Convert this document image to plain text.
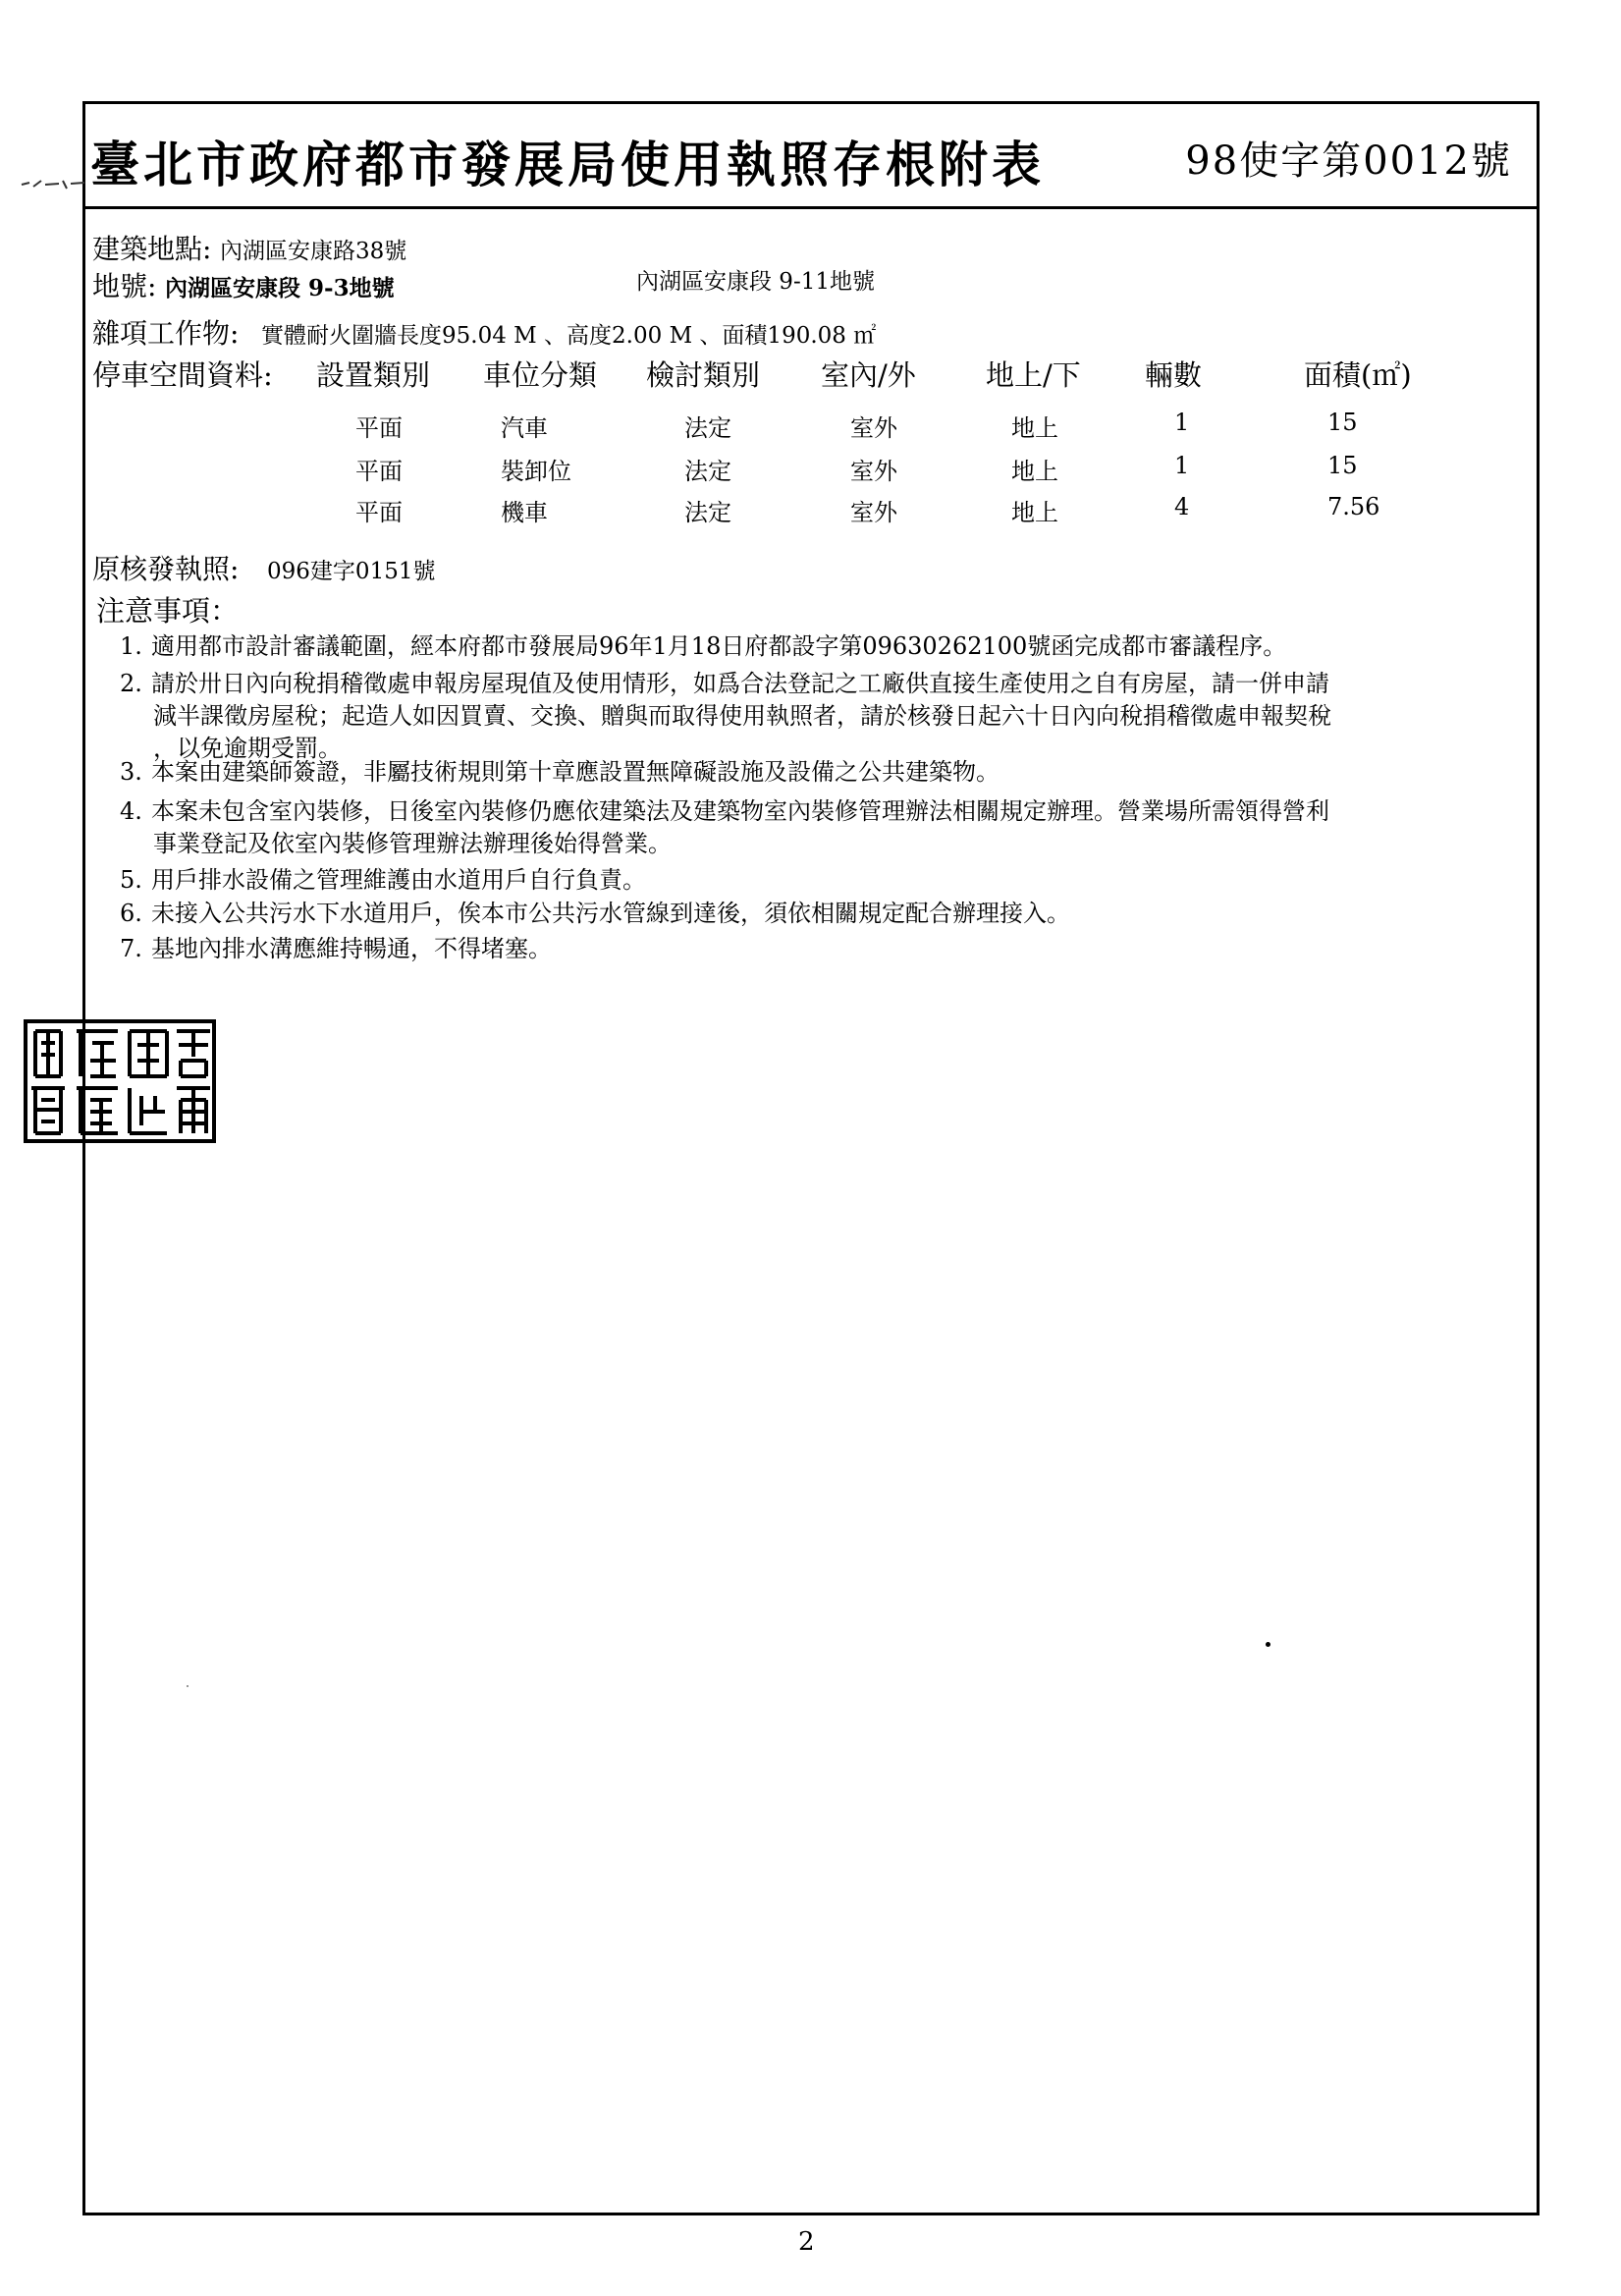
臺北市政府都市發展局使用執照存根附表	98使字第0012號
建築地點: 內湖區安康路38號
地號: 內湖區安康段 9-3地號	內湖區安康段 9-11地號
雜項工作物: 實體耐火圍牆長度95.04 M 、高度2.00 M 、面積190.08 ㎡
停車空間資料: 設置類別 車位分類 檢討類別 室內/外 地上/下 輛數	面積(㎡)
平面	汽車	法定	室外	地上	1	15
平面	裝卸位	法定	室外	地上	1	15
平面	機車	法定	室外	地上	4	7.56
原核發執照: 096建字0151號
注意事項：
1. 適用都市設計審議範圍，經本府都市發展局96年1月18日府都設字第09630262100號函完成都市審議程序。
2. 請於卅日內向稅捐稽徵處申報房屋現值及使用情形，如爲合法登記之工廠供直接生產使用之自有房屋，請一併申請
減半課徵房屋稅；起造人如因買賣、交換、贈與而取得使用執照者，請於核發日起六十日內向稅捐稽徵處申報契稅
，以免逾期受罰。
3. 本案由建築師簽證，非屬技術規則第十章應設置無障礙設施及設備之公共建築物。
4. 本案未包含室內裝修，日後室內裝修仍應依建築法及建築物室內裝修管理辦法相關規定辦理。營業場所需領得營利
事業登記及依室內裝修管理辦法辦理後始得營業。
5. 用戶排水設備之管理維護由水道用戶自行負責。
6. 未接入公共污水下水道用戶，俟本市公共污水管線到達後，須依相關規定配合辦理接入。
7. 基地內排水溝應維持暢通，不得堵塞。
2
